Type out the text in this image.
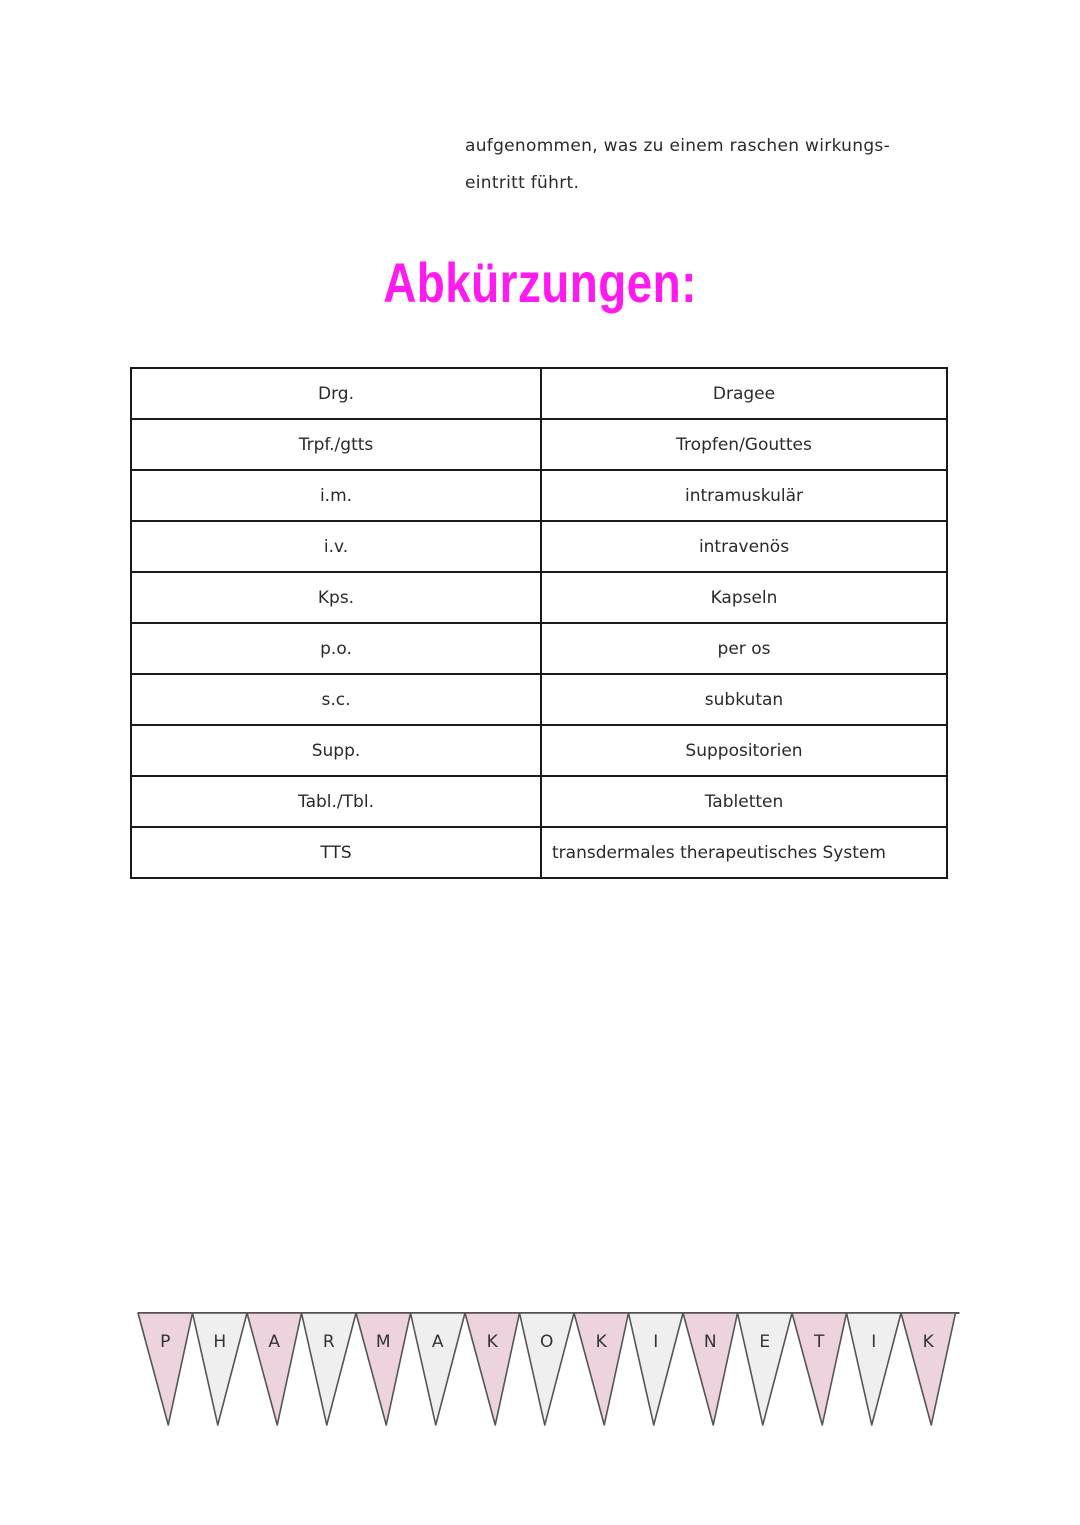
aufgenommen, was zu einem raschen wirkungs-

eintritt führt.

Abkürzungen:
Drg.	Dragee
Trpf./gtts	Tropfen/Gouttes
i.m.	intramuskulär
i.v.	intravenös
Kps.	Kapseln
p.o.	per os
s.c.	subkutan
Supp.	Suppositorien
Tabl./Tbl.	Tabletten
TTS	transdermales therapeutisches System
P	H A	R M A	K O K	I	N	E	T	I	K
